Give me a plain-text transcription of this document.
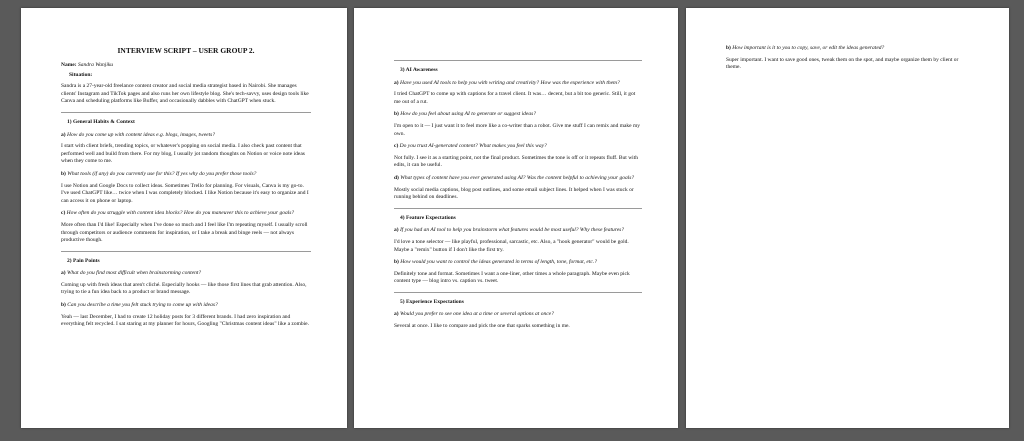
INTERVIEW SCRIPT – USER GROUP 2.
Name: Sandra Wanjiku
Situation:
Sandra is a 27-year-old freelance content creator and social media strategist based in Nairobi. She manages clients' Instagram and TikTok pages and also runs her own lifestyle blog. She's tech-savvy, uses design tools like Canva and scheduling platforms like Buffer, and occasionally dabbles with ChatGPT when stuck.
1) General Habits & Context
a) How do you come up with content ideas e.g. blogs, images, tweets?
I start with client briefs, trending topics, or whatever's popping on social media. I also check past content that performed well and build from there. For my blog, I usually jot random thoughts on Notion or voice note ideas when they come to me.
b) What tools (if any) do you currently use for this? If yes why do you prefer those tools?
I use Notion and Google Docs to collect ideas. Sometimes Trello for planning. For visuals, Canva is my go-to. I've used ChatGPT like… twice when I was completely blocked. I like Notion because it's easy to organize and I can access it on phone or laptop.
c) How often do you struggle with content idea blocks? How do you maneuver this to achieve your goals?
More often than I'd like! Especially when I've done so much and I feel like I'm repeating myself. I usually scroll through competitors or audience comments for inspiration, or I take a break and binge reels — not always productive though.
2) Pain Points
a) What do you find most difficult when brainstorming content?
Coming up with fresh ideas that aren't cliché. Especially hooks — like those first lines that grab attention. Also, trying to tie a fun idea back to a product or brand message.
b) Can you describe a time you felt stuck trying to come up with ideas?
Yeah — last December, I had to create 12 holiday posts for 3 different brands. I had zero inspiration and everything felt recycled. I sat staring at my planner for hours, Googling "Christmas content ideas" like a zombie.
3) AI Awareness
a) Have you used AI tools to help you with writing and creativity? How was the experience with them?
I tried ChatGPT to come up with captions for a travel client. It was… decent, but a bit too generic. Still, it got me out of a rut.
b) How do you feel about using AI to generate or suggest ideas?
I'm open to it — I just want it to feel more like a co-writer than a robot. Give me stuff I can remix and make my own.
c) Do you trust AI-generated content? What makes you feel this way?
Not fully. I see it as a starting point, not the final product. Sometimes the tone is off or it repeats fluff. But with edits, it can be useful.
d) What types of content have you ever generated using AI? Was the content helpful to achieving your goals?
Mostly social media captions, blog post outlines, and some email subject lines. It helped when I was stuck or running behind on deadlines.
4) Feature Expectations
a) If you had an AI tool to help you brainstorm what features would be most useful? Why these features?
I'd love a tone selector — like playful, professional, sarcastic, etc. Also, a "hook generator" would be gold. Maybe a "remix" button if I don't like the first try.
b) How would you want to control the ideas generated in terms of length, tone, format, etc.?
Definitely tone and format. Sometimes I want a one-liner, other times a whole paragraph. Maybe even pick content type — blog intro vs. caption vs. tweet.
5) Experience Expectations
a) Would you prefer to see one idea at a time or several options at once?
Several at once. I like to compare and pick the one that sparks something in me.
b) How important is it to you to copy, save, or edit the ideas generated?
Super important. I want to save good ones, tweak them on the spot, and maybe organize them by client or theme.
